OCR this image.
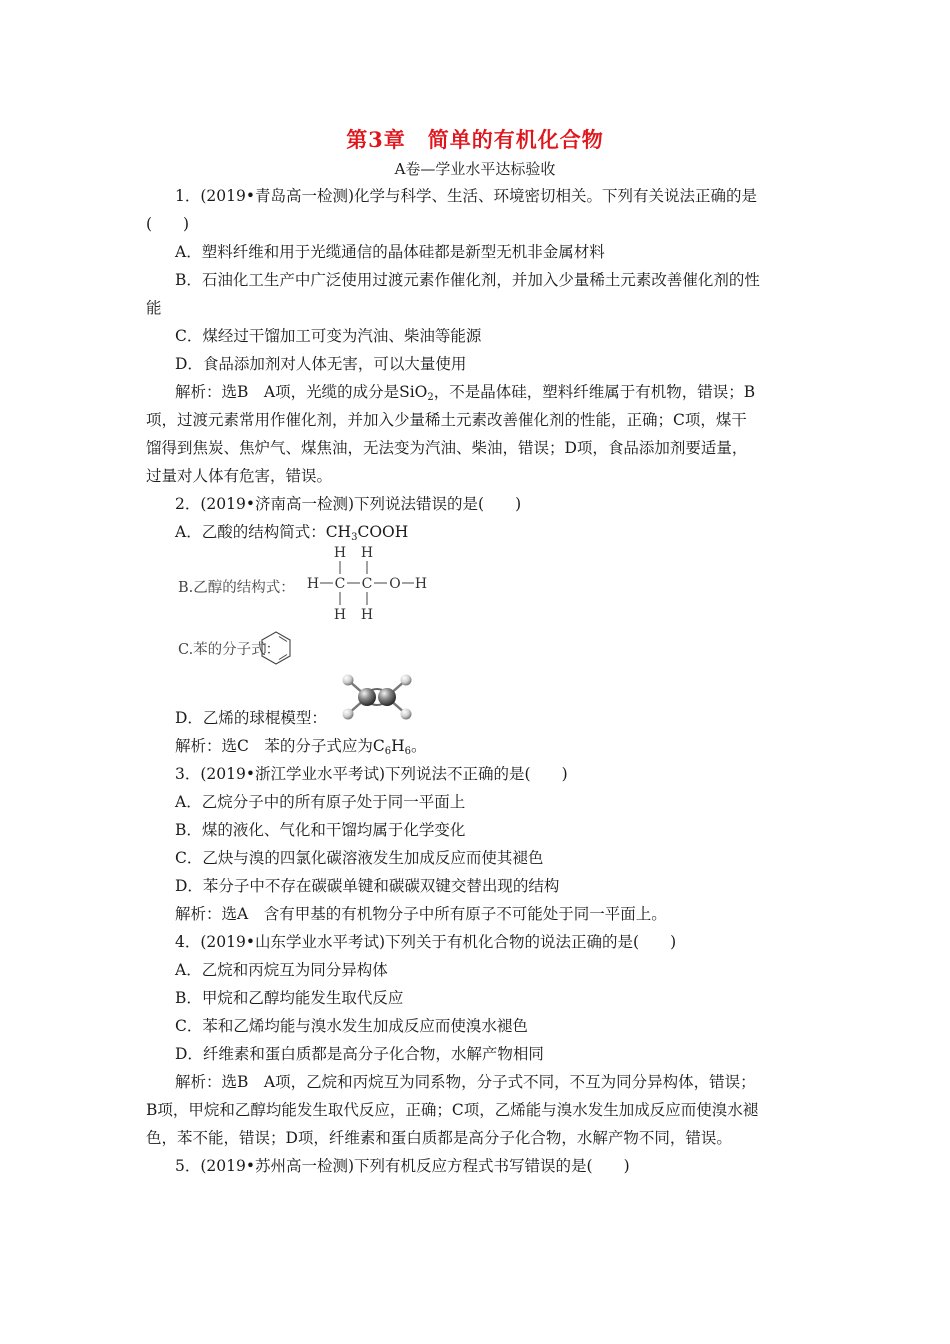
第3章　简单的有机化合物
A卷—学业水平达标验收
1．(2019•青岛高一检测)化学与科学、生活、环境密切相关。下列有关说法正确的是
(　　)
A．塑料纤维和用于光缆通信的晶体硅都是新型无机非金属材料
B．石油化工生产中广泛使用过渡元素作催化剂，并加入少量稀土元素改善催化剂的性
能
C．煤经过干馏加工可变为汽油、柴油等能源
D．食品添加剂对人体无害，可以大量使用
解析：选B　A项，光缆的成分是SiO$_2$，不是晶体硅，塑料纤维属于有机物，错误；B
项，过渡元素常用作催化剂，并加入少量稀土元素改善催化剂的性能，正确；C项，煤干
馏得到焦炭、焦炉气、煤焦油，无法变为汽油、柴油，错误；D项，食品添加剂要适量，
过量对人体有危害，错误。
2．(2019•济南高一检测)下列说法错误的是(　　)
A．乙酸的结构简式：$CH_3COOH$
B.乙醇的结构式：
H H
H C C O H
H H
C.苯的分子式：
D．乙烯的球棍模型：
解析：选C　苯的分子式应为$C_6H_6$。
3．(2019•浙江学业水平考试)下列说法不正确的是(　　)
A．乙烷分子中的所有原子处于同一平面上
B．煤的液化、气化和干馏均属于化学变化
C．乙炔与溴的四氯化碳溶液发生加成反应而使其褪色
D．苯分子中不存在碳碳单键和碳碳双键交替出现的结构
解析：选A　含有甲基的有机物分子中所有原子不可能处于同一平面上。
4．(2019•山东学业水平考试)下列关于有机化合物的说法正确的是(　　)
A．乙烷和丙烷互为同分异构体
B．甲烷和乙醇均能发生取代反应
C．苯和乙烯均能与溴水发生加成反应而使溴水褪色
D．纤维素和蛋白质都是高分子化合物，水解产物相同
解析：选B　A项，乙烷和丙烷互为同系物，分子式不同，不互为同分异构体，错误；
B项，甲烷和乙醇均能发生取代反应，正确；C项，乙烯能与溴水发生加成反应而使溴水褪
色，苯不能，错误；D项，纤维素和蛋白质都是高分子化合物，水解产物不同，错误。
5．(2019•苏州高一检测)下列有机反应方程式书写错误的是(　　)
